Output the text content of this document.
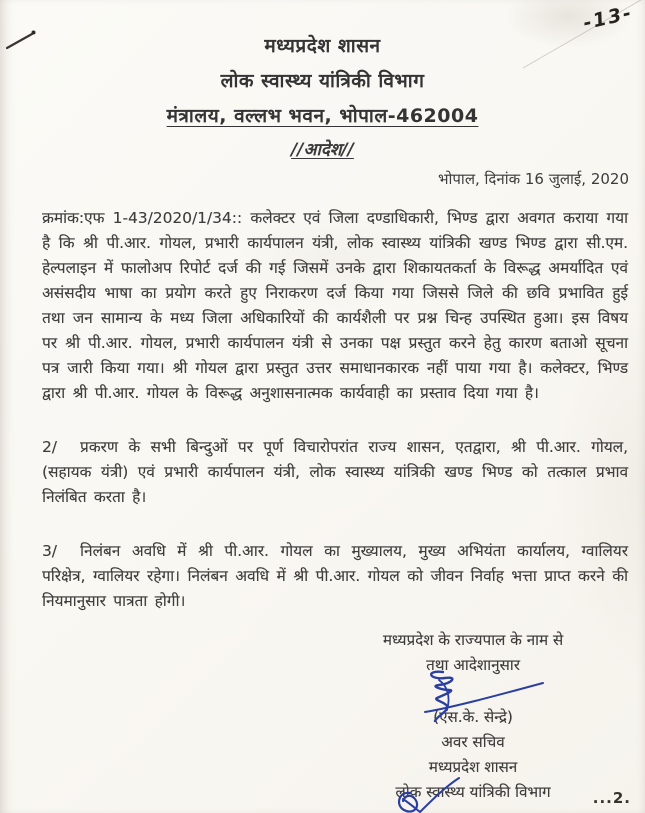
-13-
मध्यप्रदेश शासन
लोक स्वास्थ्य यांत्रिकी विभाग
मंत्रालय, वल्लभ भवन, भोपाल-462004
//आदेश//
भोपाल, दिनांक 16 जुलाई, 2020

क्रमांक:एफ 1-43/2020/1/34:: कलेक्टर एवं जिला दण्डाधिकारी, भिण्ड द्वारा अवगत कराया गया है कि श्री पी.आर. गोयल, प्रभारी कार्यपालन यंत्री, लोक स्वास्थ्य यांत्रिकी खण्ड भिण्ड द्वारा सी.एम. हेल्पलाइन में फालोअप रिपोर्ट दर्ज की गई जिसमें उनके द्वारा शिकायतकर्ता के विरूद्ध अमर्यादित एवं असंसदीय भाषा का प्रयोग करते हुए निराकरण दर्ज किया गया जिससे जिले की छवि प्रभावित हुई तथा जन सामान्य के मध्य जिला अधिकारियों की कार्यशैली पर प्रश्न चिन्ह उपस्थित हुआ। इस विषय पर श्री पी.आर. गोयल, प्रभारी कार्यपालन यंत्री से उनका पक्ष प्रस्तुत करने हेतु कारण बताओ सूचना पत्र जारी किया गया। श्री गोयल द्वारा प्रस्तुत उत्तर समाधानकारक नहीं पाया गया है। कलेक्टर, भिण्ड द्वारा श्री पी.आर. गोयल के विरूद्ध अनुशासनात्मक कार्यवाही का प्रस्ताव दिया गया है।

2/ प्रकरण के सभी बिन्दुओं पर पूर्ण विचारोपरांत राज्य शासन, एतद्वारा, श्री पी.आर. गोयल, (सहायक यंत्री) एवं प्रभारी कार्यपालन यंत्री, लोक स्वास्थ्य यांत्रिकी खण्ड भिण्ड को तत्काल प्रभाव निलंबित करता है।

3/ निलंबन अवधि में श्री पी.आर. गोयल का मुख्यालय, मुख्य अभियंता कार्यालय, ग्वालियर परिक्षेत्र, ग्वालियर रहेगा। निलंबन अवधि में श्री पी.आर. गोयल को जीवन निर्वाह भत्ता प्राप्त करने की नियमानुसार पात्रता होगी।

मध्यप्रदेश के राज्यपाल के नाम से
तथा आदेशानुसार
(एस.के. सेन्द्रे)
अवर सचिव
मध्यप्रदेश शासन
लोक स्वास्थ्य यांत्रिकी विभाग	...2.
